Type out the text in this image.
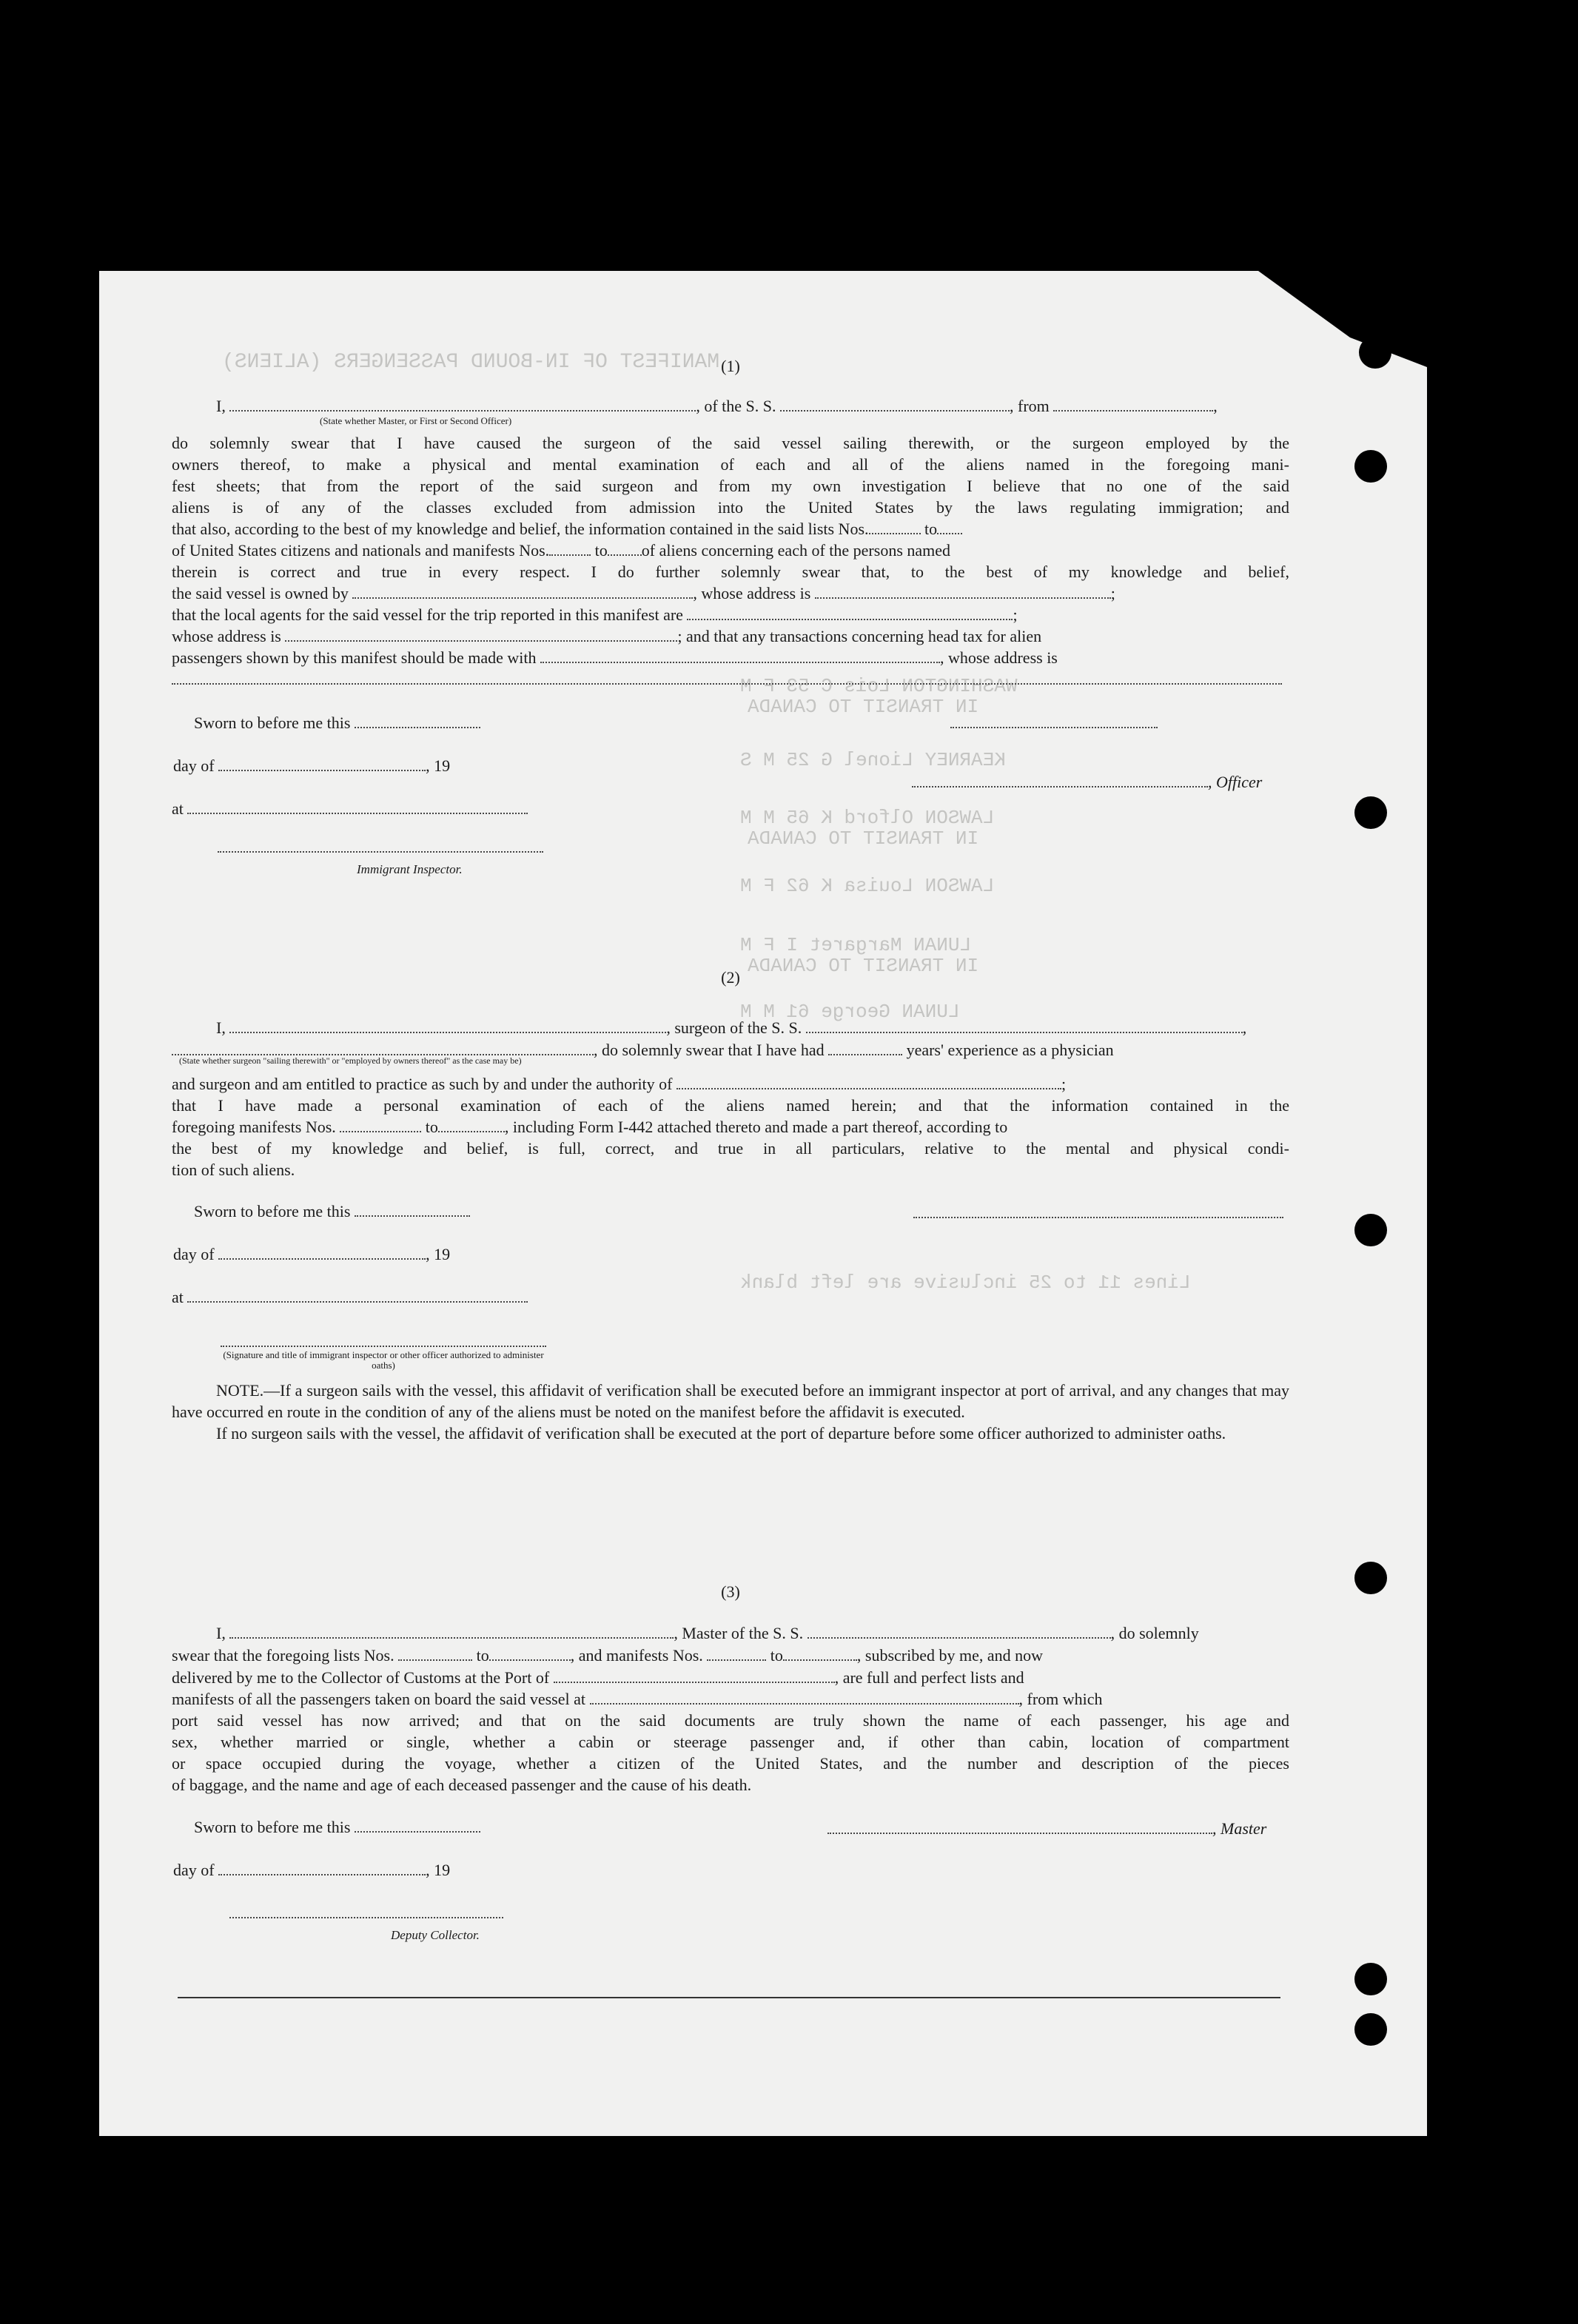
MANIFEST OF IN-BOUND PASSENGERS (ALIENS)
WASHINGTON Lois C 53 F M
IN TRANSIT TO CANADA
KEARNEY Lionel G 25 M S
LAWSON Olford K 65 M M
IN TRANSIT TO CANADA
LAWSON Louisa K 62 F M
LUNAN Margaret I F M
IN TRANSIT TO CANADA
LUNAN George 61 M M
Lines 11 to 25 inclusive are left blank
(1)
I,	, of the S. S.	, from	,
(State whether Master, or First or Second Officer)
do solemnly swear that I have caused the surgeon of the said vessel sailing therewith, or the surgeon employed by the
owners thereof, to make a physical and mental examination of each and all of the aliens named in the foregoing mani-
fest sheets; that from the report of the said surgeon and from my own investigation I believe that no one of the said
aliens is of any of the classes excluded from admission into the United States by the laws regulating immigration; and
that also, according to the best of my knowledge and belief, the information contained in the said lists Nos.	to
of United States citizens and nationals and manifests Nos.	to of aliens concerning each of the persons named
therein is correct and true in every respect. I do further solemnly swear that, to the best of my knowledge and belief,
the said vessel is owned by	, whose address is	;
that the local agents for the said vessel for the trip reported in this manifest are	;
whose address is	; and that any transactions concerning head tax for alien
passengers shown by this manifest should be made with	, whose address is
Sworn to before me this
day of	, 19
, Officer
at
Immigrant Inspector.
(2)
I,	, surgeon of the S. S.	,
, do solemnly swear that I have had	years' experience as a physician
(State whether surgeon "sailing therewith" or "employed by owners thereof" as the case may be)
and surgeon and am entitled to practice as such by and under the authority of	;
that I have made a personal examination of each of the aliens named herein; and that the information contained in the
foregoing manifests Nos.	to	, including Form I-442 attached thereto and made a part thereof, according to
the best of my knowledge and belief, is full, correct, and true in all particulars, relative to the mental and physical condi-
tion of such aliens.
Sworn to before me this
day of	, 19
at
(Signature and title of immigrant inspector or other officer authorized to administer oaths)
NOTE.—If a surgeon sails with the vessel, this affidavit of verification shall be executed before an immigrant inspector at port of arrival, and any changes that may have occurred en route in the condition of any of the aliens must be noted on the manifest before the affidavit is executed.
If no surgeon sails with the vessel, the affidavit of verification shall be executed at the port of departure before some officer authorized to administer oaths.
(3)
I,	, Master of the S. S.	, do solemnly
swear that the foregoing lists Nos.	to	, and manifests Nos.	to	, subscribed by me, and now
delivered by me to the Collector of Customs at the Port of	, are full and perfect lists and
manifests of all the passengers taken on board the said vessel at	, from which
port said vessel has now arrived; and that on the said documents are truly shown the name of each passenger, his age and
sex, whether married or single, whether a cabin or steerage passenger and, if other than cabin, location of compartment
or space occupied during the voyage, whether a citizen of the United States, and the number and description of the pieces
of baggage, and the name and age of each deceased passenger and the cause of his death.
Sworn to before me this	, Master
day of	, 19
Deputy Collector.
